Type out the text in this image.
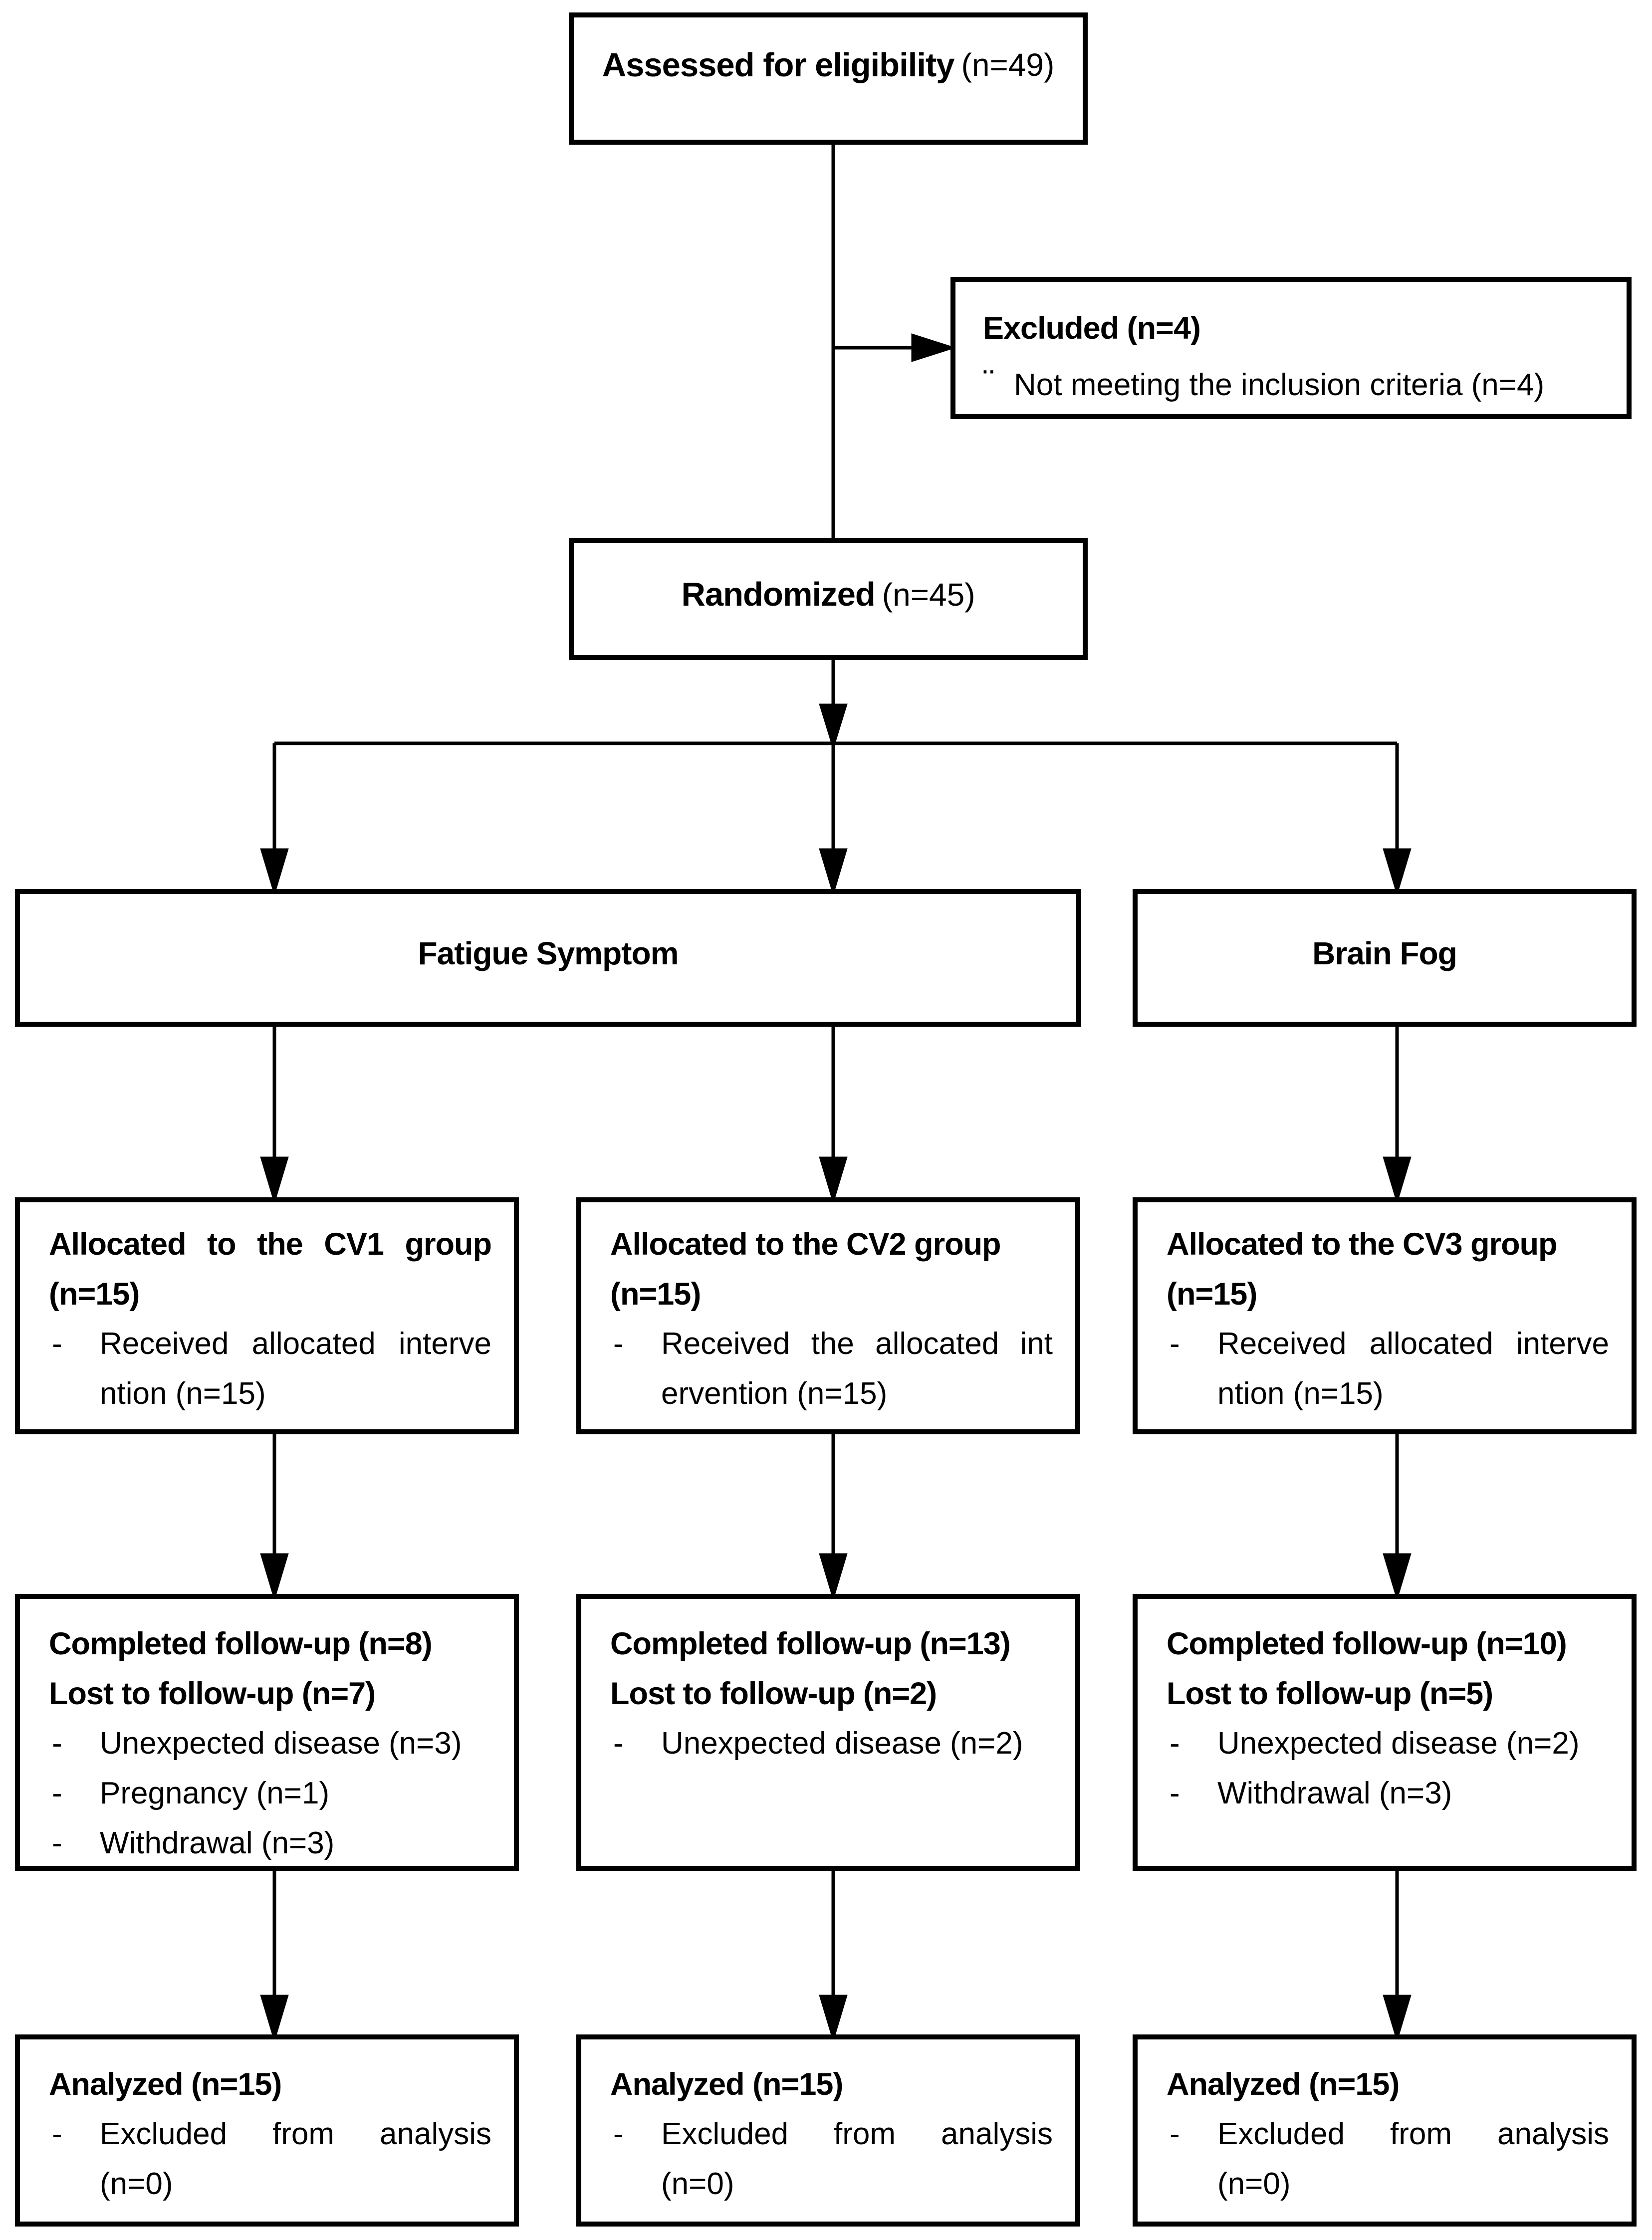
Assessed for eligibility (n=49)
Excluded (n=4)
¨ Not meeting the inclusion criteria (n=4)
Randomized (n=45)
Fatigue Symptom	Brain Fog
Allocated to the CV1 group
(n=15)
- Received allocated interve
ntion (n=15)
Allocated to the CV2 group
(n=15)
- Received the allocated int
ervention (n=15)
Allocated to the CV3 group
(n=15)
- Received allocated interve
ntion (n=15)
Completed follow-up (n=8)
Lost to follow-up (n=7)
- Unexpected disease (n=3)
- Pregnancy (n=1)
- Withdrawal (n=3)
Completed follow-up (n=13)
Lost to follow-up (n=2)
- Unexpected disease (n=2)
Completed follow-up (n=10)
Lost to follow-up (n=5)
- Unexpected disease (n=2)
- Withdrawal (n=3)
Analyzed (n=15)
- Excluded from analysis
(n=0)
Analyzed (n=15)
- Excluded from analysis
(n=0)
Analyzed (n=15)
- Excluded from analysis
(n=0)
